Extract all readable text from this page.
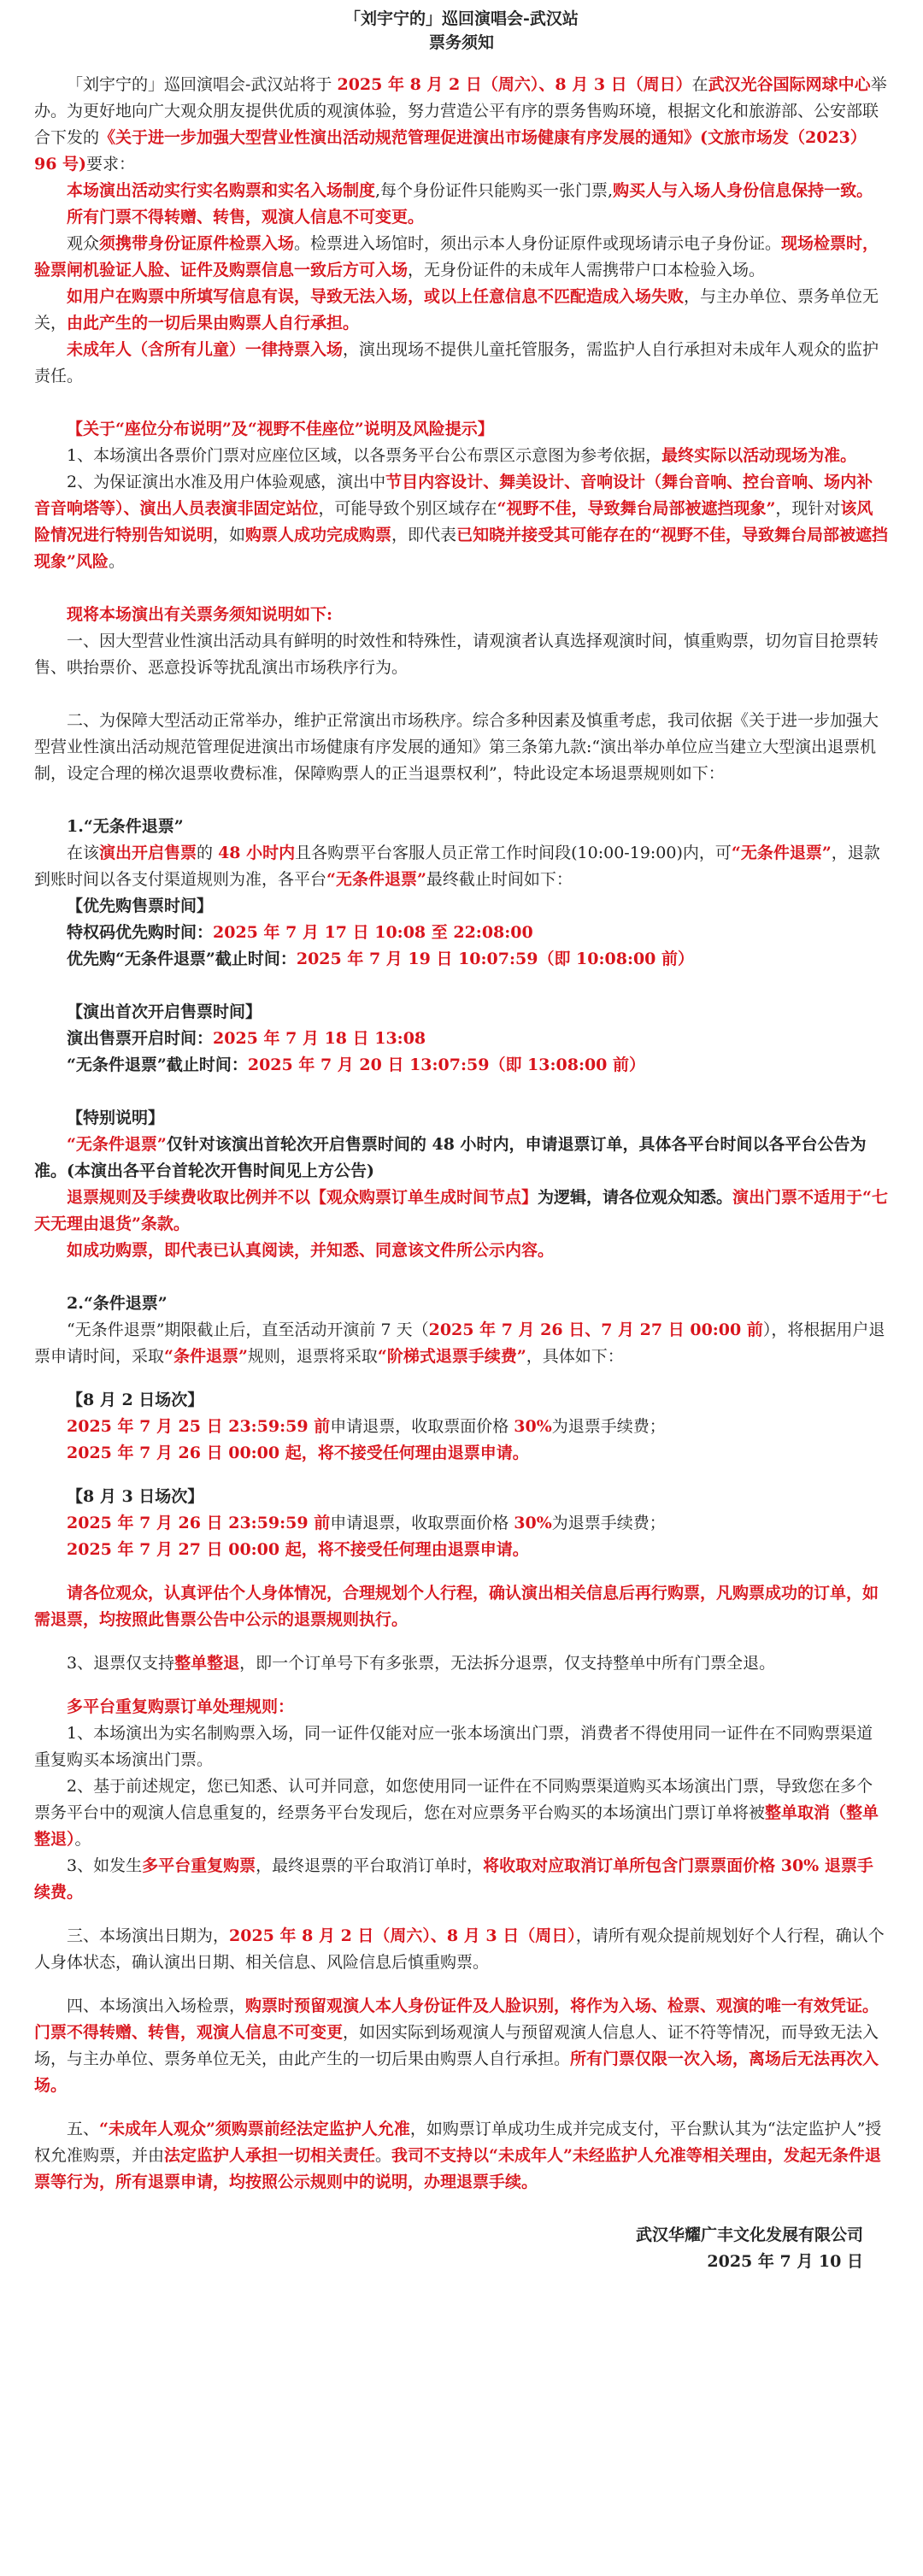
「刘宇宁的」巡回演唱会-武汉站
票务须知

「刘宇宁的」巡回演唱会-武汉站将于 2025 年 8 月 2 日（周六）、8 月 3 日（周日）在武汉光谷国际网球中心举办。为更好地向广大观众朋友提供优质的观演体验，努力营造公平有序的票务售购环境，根据文化和旅游部、公安部联合下发的《关于进一步加强大型营业性演出活动规范管理促进演出市场健康有序发展的通知》(文旅市场发（2023）96 号)要求：

本场演出活动实行实名购票和实名入场制度,每个身份证件只能购买一张门票,购买人与入场人身份信息保持一致。

所有门票不得转赠、转售，观演人信息不可变更。

观众须携带身份证原件检票入场。检票进入场馆时，须出示本人身份证原件或现场请示电子身份证。现场检票时，验票闸机验证人脸、证件及购票信息一致后方可入场，无身份证件的未成年人需携带户口本检验入场。

如用户在购票中所填写信息有误，导致无法入场，或以上任意信息不匹配造成入场失败，与主办单位、票务单位无关，由此产生的一切后果由购票人自行承担。

未成年人（含所有儿童）一律持票入场，演出现场不提供儿童托管服务，需监护人自行承担对未成年人观众的监护责任。

【关于“座位分布说明”及“视野不佳座位”说明及风险提示】

1、本场演出各票价门票对应座位区域，以各票务平台公布票区示意图为参考依据，最终实际以活动现场为准。

2、为保证演出水准及用户体验观感，演出中节目内容设计、舞美设计、音响设计（舞台音响、控台音响、场内补音音响塔等）、演出人员表演非固定站位，可能导致个别区域存在“视野不佳，导致舞台局部被遮挡现象”，现针对该风险情况进行特别告知说明，如购票人成功完成购票，即代表已知晓并接受其可能存在的“视野不佳，导致舞台局部被遮挡现象”风险。

现将本场演出有关票务须知说明如下:

一、因大型营业性演出活动具有鲜明的时效性和特殊性，请观演者认真选择观演时间，慎重购票，切勿盲目抢票转售、哄抬票价、恶意投诉等扰乱演出市场秩序行为。

二、为保障大型活动正常举办，维护正常演出市场秩序。综合多种因素及慎重考虑，我司依据《关于进一步加强大型营业性演出活动规范管理促进演出市场健康有序发展的通知》第三条第九款:“演出举办单位应当建立大型演出退票机制，设定合理的梯次退票收费标准，保障购票人的正当退票权利”，特此设定本场退票规则如下：

1.“无条件退票”

在该演出开启售票的 48 小时内且各购票平台客服人员正常工作时间段(10:00-19:00)内，可“无条件退票”，退款到账时间以各支付渠道规则为准，各平台“无条件退票”最终截止时间如下：

【优先购售票时间】

特权码优先购时间：2025 年 7 月 17 日 10:08 至 22:08:00

优先购“无条件退票”截止时间：2025 年 7 月 19 日 10:07:59（即 10:08:00 前）

【演出首次开启售票时间】

演出售票开启时间：2025 年 7 月 18 日 13:08

“无条件退票”截止时间：2025 年 7 月 20 日 13:07:59（即 13:08:00 前）

【特别说明】

“无条件退票”仅针对该演出首轮次开启售票时间的 48 小时内，申请退票订单，具体各平台时间以各平台公告为准。(本演出各平台首轮次开售时间见上方公告)

退票规则及手续费收取比例并不以【观众购票订单生成时间节点】为逻辑，请各位观众知悉。演出门票不适用于“七天无理由退货”条款。

如成功购票，即代表已认真阅读，并知悉、同意该文件所公示内容。

2.“条件退票”

“无条件退票”期限截止后，直至活动开演前 7 天（2025 年 7 月 26 日、7 月 27 日 00:00 前），将根据用户退票申请时间，采取“条件退票”规则，退票将采取“阶梯式退票手续费”，具体如下：

【8 月 2 日场次】

2025 年 7 月 25 日 23:59:59 前申请退票，收取票面价格 30%为退票手续费；

2025 年 7 月 26 日 00:00 起，将不接受任何理由退票申请。

【8 月 3 日场次】

2025 年 7 月 26 日 23:59:59 前申请退票，收取票面价格 30%为退票手续费；

2025 年 7 月 27 日 00:00 起，将不接受任何理由退票申请。

请各位观众，认真评估个人身体情况，合理规划个人行程，确认演出相关信息后再行购票，凡购票成功的订单，如需退票，均按照此售票公告中公示的退票规则执行。

3、退票仅支持整单整退，即一个订单号下有多张票，无法拆分退票，仅支持整单中所有门票全退。

多平台重复购票订单处理规则：

1、本场演出为实名制购票入场，同一证件仅能对应一张本场演出门票，消费者不得使用同一证件在不同购票渠道重复购买本场演出门票。

2、基于前述规定，您已知悉、认可并同意，如您使用同一证件在不同购票渠道购买本场演出门票，导致您在多个票务平台中的观演人信息重复的，经票务平台发现后，您在对应票务平台购买的本场演出门票订单将被整单取消（整单整退）。

3、如发生多平台重复购票，最终退票的平台取消订单时，将收取对应取消订单所包含门票票面价格 30% 退票手续费。

三、本场演出日期为，2025 年 8 月 2 日（周六）、8 月 3 日（周日），请所有观众提前规划好个人行程，确认个人身体状态，确认演出日期、相关信息、风险信息后慎重购票。

四、本场演出入场检票，购票时预留观演人本人身份证件及人脸识别，将作为入场、检票、观演的唯一有效凭证。门票不得转赠、转售，观演人信息不可变更，如因实际到场观演人与预留观演人信息人、证不符等情况，而导致无法入场，与主办单位、票务单位无关，由此产生的一切后果由购票人自行承担。所有门票仅限一次入场，离场后无法再次入场。

五、“未成年人观众”须购票前经法定监护人允准，如购票订单成功生成并完成支付，平台默认其为“法定监护人”授权允准购票，并由法定监护人承担一切相关责任。我司不支持以“未成年人”未经监护人允准等相关理由，发起无条件退票等行为，所有退票申请，均按照公示规则中的说明，办理退票手续。

武汉华耀广丰文化发展有限公司

2025 年 7 月 10 日
